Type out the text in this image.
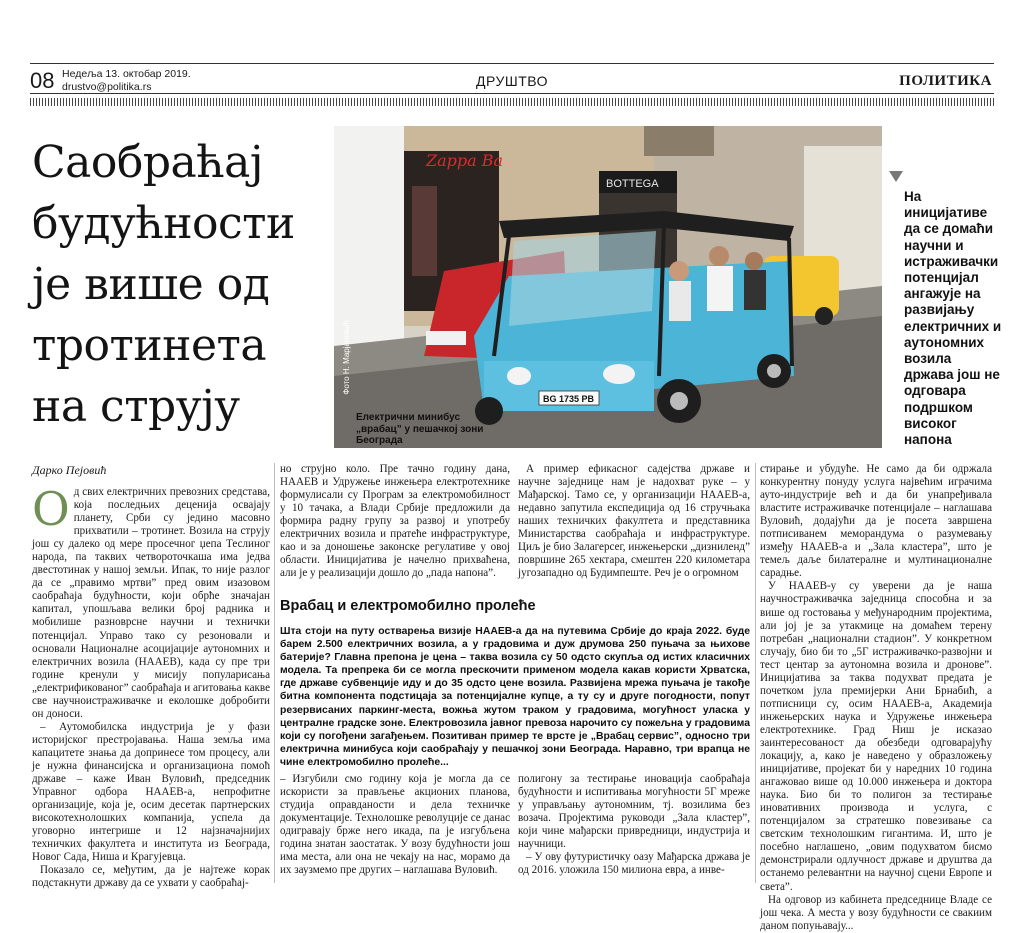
08 Недеља 13. октобар 2019.
drustvo@politika.rs	ДРУШТВО	ПОЛИТИКА
Саобраћај будућности је више од тротинета на струју
Zappa Ba
BOTTEGA
BG 1735 PB
Фото Н. Марјановић
Електрични минибус „врабац” у пешачкој зони Београда
На иницијативе да се домаћи научни и истраживачки потенцијал ангажује на развијању електричних и аутономних возила држава још не одговара подршком високог напона
Дарко Пејовић

Од свих електричних превозних средстава, која последњих деценија освајају планету, Срби су једино масовно прихватили – тротинет. Возила на струју још су далеко од мере просечног џепа Теслиног народа, па таквих четвороточкаша има једва двестотинак у нашој земљи. Ипак, то није разлог да се „правимо мртви” пред овим изазовом саобраћаја будућности, који обрће значајан капитал, упошљава велики број радника и мобилише разноврсне научни и технички потенцијал. Управо тако су резоновали и основали Националне асоцијације аутономних и електричних возила (НААЕВ), када су пре три године кренули у мисију популарисања „електрификованог” саобраћаја и агитовања какве све научноистраживачке и еколошке добробити он доноси.

– Аутомобилска индустрија је у фази историјског престројавања. Наша земља има капацитете знања да допринесе том процесу, али је нужна финансијска и организациона помоћ државе – каже Иван Вуловић, председник Управног одбора НААЕВ-а, непрофитне организације, која је, осим десетак партнерских високотехнолошких компанија, успела да уговорно интегрише и 12 најзначајнијих техничких факултета и института из Београда, Новог Сада, Ниша и Крагујевца.

Показало се, међутим, да је најтеже корак подстакнути државу да се ухвати у саобраћај-

но струјно коло. Пре тачно годину дана, НААЕВ и Удружење инжењера електротехнике формулисали су Програм за електромобилност у 10 тачака, а Влади Србије предложили да формира радну групу за развој и употребу електричних возила и пратеће инфраструктуре, као и за доношење законске регулативе у овој области. Иницијатива је начелно прихваћена, али је у реализацији дошло до „пада напона”.

А пример ефикасног садејства државе и научне заједнице нам је надохват руке – у Мађарској. Тамо се, у организацији НААЕВ-а, недавно запутила експедиција од 16 стручњака наших техничких факултета и представника Министарства саобраћаја и инфраструктуре. Циљ је био Залагерсег, инжењерски „дизниленд” површине 265 хектара, смештен 220 километара југозападно од Будимпеште. Реч је о огромном

Врабац и електромобилно пролеће

Шта стоји на путу остварења визије НААЕВ-а да на путевима Србије до краја 2022. буде барем 2.500 електричних возила, а у градовима и дуж друмова 250 пуњача за њихове батерије? Главна препона је цена – таква возила су 50 одсто скупља од истих класичних модела. Та препрека би се могла прескочити применом модела какав користи Хрватска, где државе субвенције иду и до 35 одсто цене возила. Развијена мрежа пуњача је такође битна компонента подстицаја за потенцијалне купце, а ту су и друге погодности, попут резервисаних паркинг-места, вожња жутом траком у градовима, могућност уласка у централне градске зоне. Електровозила јавног превоза нарочито су пожељна у градовима који су погођени загађењем. Позитиван пример те врсте је „Врабац сервис”, односно три електрична минибуса који саобраћају у пешачкој зони Београда. Наравно, три врапца не чине електромобилно пролеће...

– Изгубили смо годину која је могла да се искористи за прављење акционих планова, студија оправданости и дела техничке документације. Технолошке револуције се данас одигравају брже него икада, па је изгубљена година знатан заостатак. У возу будућности још има места, али она не чекају на нас, морамо да их заузмемо пре других – наглашава Вуловић.

полигону за тестирање иновација саобраћаја будућности и испитивања могућности 5Г мреже у управљању аутономним, тј. возилима без возача. Пројектима руководи „Зала кластер”, који чине мађарски привредници, индустрија и научници.

– У ову футуристичку оазу Мађарска држава је од 2016. уложила 150 милиона евра, а инве-

стирање и убудуће. Не само да би одржала конкурентну понуду услуга највећим играчима ауто-индустрије већ и да би унапређивала властите истраживачке потенцијале – наглашава Вуловић, додајући да је посета завршена потписиванем меморандума о разумевању између НААЕВ-а и „Зала кластера”, што је темељ даље билатералне и мултинационалне сарадње.

У НААЕВ-у су уверени да је наша научностраживачка заједница способна и за више од гостовања у међународним пројектима, али јој је за утакмице на домаћем терену потребан „национални стадион”. У конкретном случају, био би то „5Г истраживачко-развојни и тест центар за аутономна возила и дронове”. Иницијатива за таква подухват предата је почетком јула премијерки Ани Брнабић, а потписници су, осим НААЕВ-а, Академија инжењерских наука и Удружење инжењера електротехнике. Град Ниш је исказао заинтересованост да обезбеди одговарајућу локацију, а, како је наведено у образложењу иницијативе, пројекат би у наредних 10 година ангажовао више од 10.000 инжењера и доктора наука. Био би то полигон за тестирање иновативних производа и услуга, с потенцијалом за стратешко повезивање са светским технолошким гигантима. И, што је посебно наглашено, „овим подухватом бисмо демонстрирали одлучност државе и друштва да останемо релевантни на научној сцени Европе и света”.

На одговор из кабинета председнице Владе се још чека. А места у возу будућности се свакиим даном попуњавају...
